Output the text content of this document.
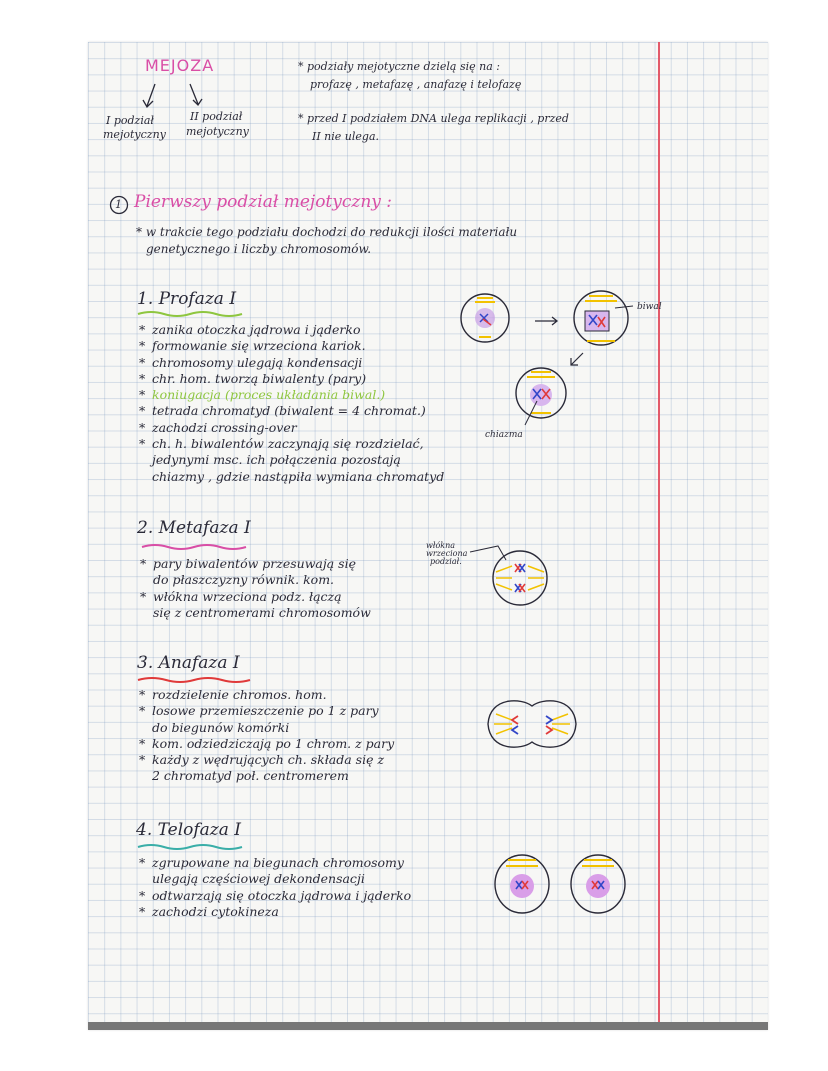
MEJOZA
I podział
mejotyczny
II podział
mejotyczny
* podziały mejotyczne dzielą się na :
profazę , metafazę , anafazę i telofazę
* przed I podziałem DNA ulega replikacji , przed
II nie ulega.
1 Pierwszy podział mejotyczny :
* w trakcie tego podziału dochodzi do redukcji ilości materiału
genetycznego i liczby chromosomów.
1. Profaza I
* zanika otoczka jądrowa i jąderko
* formowanie się wrzeciona kariok.
* chromosomy ulegają kondensacji
* chr. hom. tworzą biwalenty (pary)
* koniugacja (proces układania biwal.)
* tetrada chromatyd (biwalent = 4 chromat.)
* zachodzi crossing-over
* ch. h. biwalentów zaczynają się rozdzielać,
jedynymi msc. ich połączenia pozostają
chiazmy , gdzie nastąpiła wymiana chromatyd
biwal
chiazma
2. Metafaza I
* pary biwalentów przesuwają się
do płaszczyzny równik. kom.
* włókna wrzeciona podz. łączą
się z centromerami chromosomów
włókna
wrzeciona
podział.
3. Anafaza I
* rozdzielenie chromos. hom.
* losowe przemieszczenie po 1 z pary
do biegunów komórki
* kom. odziedziczają po 1 chrom. z pary
* każdy z wędrujących ch. składa się z
2 chromatyd poł. centromerem
4. Telofaza I
* zgrupowane na biegunach chromosomy
ulegają częściowej dekondensacji
* odtwarzają się otoczka jądrowa i jąderko
* zachodzi cytokineza
